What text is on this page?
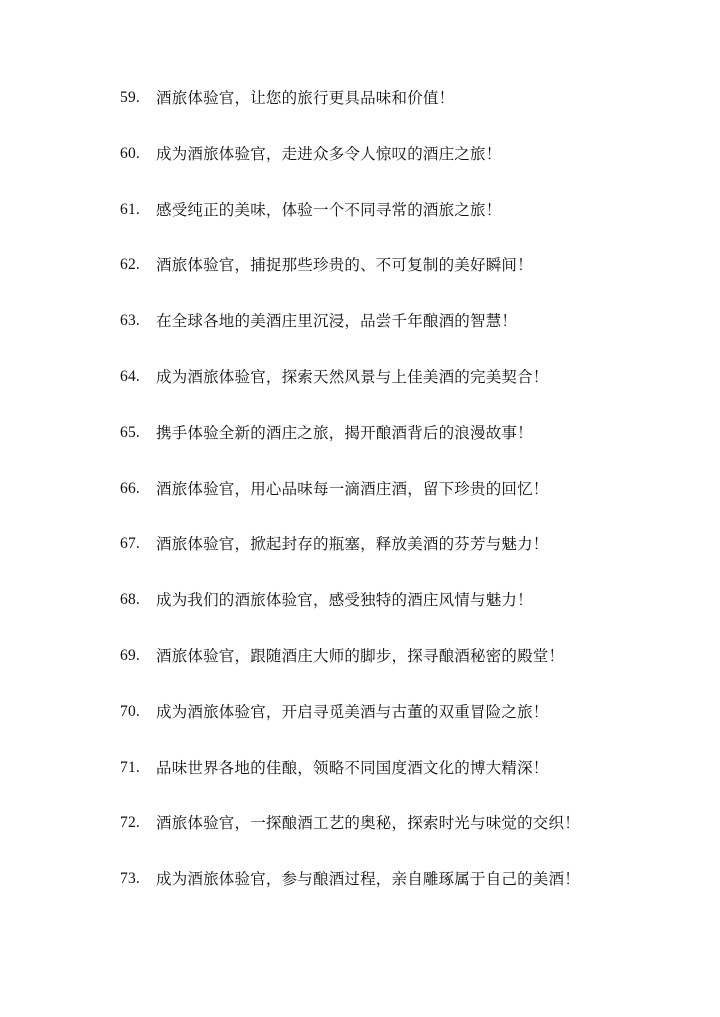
59.	酒旅体验官，让您的旅行更具品味和价值！
60.	成为酒旅体验官，走进众多令人惊叹的酒庄之旅！
61.	感受纯正的美味，体验一个不同寻常的酒旅之旅！
62.	酒旅体验官，捕捉那些珍贵的、不可复制的美好瞬间！
63.	在全球各地的美酒庄里沉浸，品尝千年酿酒的智慧！
64.	成为酒旅体验官，探索天然风景与上佳美酒的完美契合！
65.	携手体验全新的酒庄之旅，揭开酿酒背后的浪漫故事！
66.	酒旅体验官，用心品味每一滴酒庄酒，留下珍贵的回忆！
67.	酒旅体验官，掀起封存的瓶塞，释放美酒的芬芳与魅力！
68.	成为我们的酒旅体验官，感受独特的酒庄风情与魅力！
69.	酒旅体验官，跟随酒庄大师的脚步，探寻酿酒秘密的殿堂！
70.	成为酒旅体验官，开启寻觅美酒与古董的双重冒险之旅！
71.	品味世界各地的佳酿，领略不同国度酒文化的博大精深！
72.	酒旅体验官，一探酿酒工艺的奥秘，探索时光与味觉的交织！
73.	成为酒旅体验官，参与酿酒过程，亲自雕琢属于自己的美酒！
